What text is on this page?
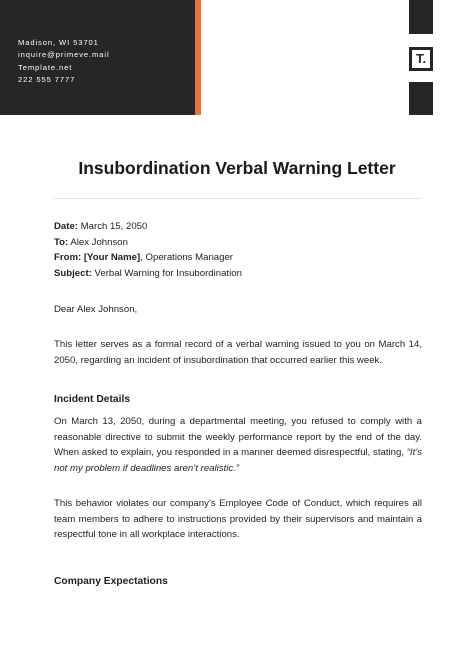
Madison, WI 53701
inquire@primeve.mail
Template.net
222 555 7777
T.
Insubordination Verbal Warning Letter
Date: March 15, 2050
To: Alex Johnson
From: [Your Name], Operations Manager
Subject: Verbal Warning for Insubordination
Dear Alex Johnson,
This letter serves as a formal record of a verbal warning issued to you on March 14, 2050, regarding an incident of insubordination that occurred earlier this week.
Incident Details
On March 13, 2050, during a departmental meeting, you refused to comply with a reasonable directive to submit the weekly performance report by the end of the day. When asked to explain, you responded in a manner deemed disrespectful, stating, “It’s not my problem if deadlines aren’t realistic.”
This behavior violates our company’s Employee Code of Conduct, which requires all team members to adhere to instructions provided by their supervisors and maintain a respectful tone in all workplace interactions.
Company Expectations
